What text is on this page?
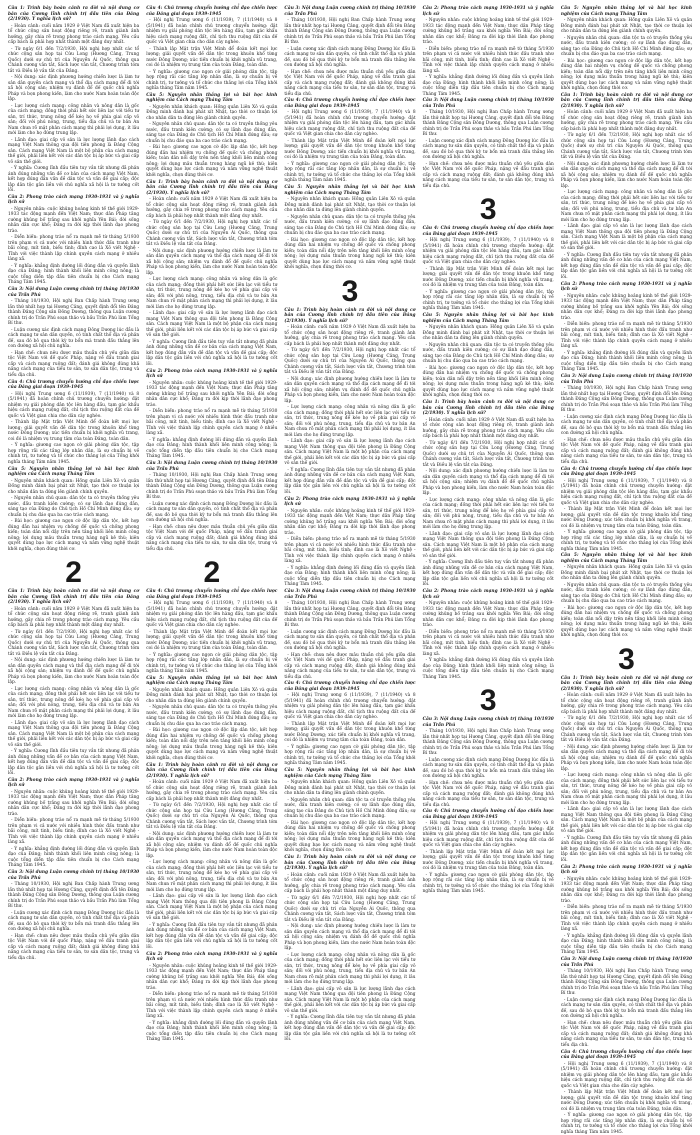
Câu 1: Trình bày hoàn cảnh ra đời và nội dung cơ bản của Cương lĩnh chính trị đầu tiên của Đảng (2/1930). Ý nghĩa lịch sử?
- Hoàn cảnh: cuối năm 1929 ở Việt Nam đã xuất hiện ba tổ chức cộng sản hoạt động riêng rẽ, tranh giành ảnh hưởng, gây chia rẽ trong phong trào cách mạng. Yêu cầu cấp bách là phải hợp nhất thành một đảng duy nhất.
- Từ ngày 6/1 đến 7/2/1930, Hội nghị hợp nhất các tổ chức cộng sản họp tại Cửu Long (Hương Cảng, Trung Quốc) dưới sự chủ trì của Nguyễn Ái Quốc, thông qua Chánh cương vắn tắt, Sách lược vắn tắt, Chương trình tóm tắt và Điều lệ vắn tắt của Đảng.
- Nội dung: xác định phương hướng chiến lược là làm tư sản dân quyền cách mạng và thổ địa cách mạng để đi tới xã hội cộng sản; nhiệm vụ đánh đổ đế quốc chủ nghĩa Pháp và bọn phong kiến, làm cho nước Nam hoàn toàn độc lập.
- Lực lượng cách mạng: công nhân và nông dân là gốc của cách mạng; đồng thời phải hết sức liên lạc với tiểu tư sản, trí thức, trung nông để kéo họ về phía giai cấp vô sản; đối với phú nông, trung, tiểu địa chủ và tư bản An Nam chưa rõ mặt phản cách mạng thì phải lợi dụng, ít lâu mới làm cho họ đứng trung lập.
- Lãnh đạo: giai cấp vô sản là lực lượng lãnh đạo cách mạng Việt Nam thông qua đội tiên phong là Đảng Cộng sản. Cách mạng Việt Nam là một bộ phận của cách mạng thế giới, phải liên kết với các dân tộc bị áp bức và giai cấp vô sản thế giới.
- Ý nghĩa: Cương lĩnh đầu tiên tuy vắn tắt nhưng đã phản ánh đúng những vấn đề cơ bản của cách mạng Việt Nam, kết hợp đúng đắn vấn đề dân tộc và vấn đề giai cấp; độc lập dân tộc gắn liền với chủ nghĩa xã hội là tư tưởng cốt lõi.
Câu 2: Phong trào cách mạng 1930-1931 và ý nghĩa lịch sử
- Nguyên nhân: cuộc khủng hoảng kinh tế thế giới 1929-1933 tác động mạnh đến Việt Nam; thực dân Pháp tăng cường khủng bố trắng sau khởi nghĩa Yên Bái; đời sống nhân dân cực khổ; Đảng ra đời kịp thời lãnh đạo phong trào.
- Diễn biến: phong trào nổ ra mạnh mẽ từ tháng 5/1930 trên phạm vi cả nước với nhiều hình thức đấu tranh như bãi công, mít tinh, biểu tình; đỉnh cao là Xô viết Nghệ - Tĩnh với việc thành lập chính quyền cách mạng ở nhiều làng xã.
- Ý nghĩa: khẳng định đường lối đúng đắn và quyền lãnh đạo của Đảng; hình thành khối liên minh công nông; là cuộc tổng diễn tập đầu tiên chuẩn bị cho Cách mạng Tháng Tám 1945.
Câu 3: Nội dung Luận cương chính trị tháng 10/1930 của Trần Phú
- Tháng 10/1930, Hội nghị Ban Chấp hành Trung ương lần thứ nhất họp tại Hương Cảng, quyết định đổi tên Đảng thành Đảng Cộng sản Đông Dương, thông qua Luận cương chính trị do Trần Phú soạn thảo và bầu Trần Phú làm Tổng Bí thư.
- Luận cương xác định cách mạng Đông Dương lúc đầu là cách mạng tư sản dân quyền, có tính chất thổ địa và phản đế, sau đó bỏ qua thời kỳ tư bổn mà tranh đấu thẳng lên con đường xã hội chủ nghĩa.
- Hạn chế: chưa nêu được mâu thuẫn chủ yếu giữa dân tộc Việt Nam với đế quốc Pháp, nặng về đấu tranh giai cấp và cách mạng ruộng đất; đánh giá không đúng khả năng cách mạng của tiểu tư sản, tư sản dân tộc, trung và tiểu địa chủ.
Câu 4: Chủ trương chuyển hướng chỉ đạo chiến lược của Đảng giai đoạn 1939-1945
- Hội nghị Trung ương 6 (11/1939), 7 (11/1940) và 8 (5/1941) đã hoàn chỉnh chủ trương chuyển hướng: đặt nhiệm vụ giải phóng dân tộc lên hàng đầu, tạm gác khẩu hiệu cách mạng ruộng đất, chỉ tịch thu ruộng đất của đế quốc và Việt gian chia cho dân cày nghèo.
- Thành lập Mặt trận Việt Minh để đoàn kết mọi lực lượng; giải quyết vấn đề dân tộc trong khuôn khổ từng nước Đông Dương; xúc tiến chuẩn bị khởi nghĩa vũ trang, coi đó là nhiệm vụ trung tâm của toàn Đảng, toàn dân.
- Ý nghĩa: giương cao ngọn cờ giải phóng dân tộc, tập hợp rộng rãi các tầng lớp nhân dân, là sự chuẩn bị về chính trị, tư tưởng và tổ chức cho thắng lợi của Tổng khởi nghĩa tháng Tám năm 1945.
Câu 5: Nguyên nhân thắng lợi và bài học kinh nghiệm của Cách mạng Tháng Tám
- Nguyên nhân khách quan: Hồng quân Liên Xô và quân Đồng minh đánh bại phát xít Nhật, tạo thời cơ thuận lợi cho nhân dân ta đứng lên giành chính quyền.
- Nguyên nhân chủ quan: dân tộc ta có truyền thống yêu nước, đấu tranh kiên cường; có sự lãnh đạo đúng đắn, sáng tạo của Đảng do Chủ tịch Hồ Chí Minh đứng đầu; sự chuẩn bị chu đáo qua ba cao trào cách mạng.
- Bài học: giương cao ngọn cờ độc lập dân tộc, kết hợp đúng đắn hai nhiệm vụ chống đế quốc và chống phong kiến; toàn dân nổi dậy trên nền tảng khối liên minh công nông; lợi dụng mâu thuẫn trong hàng ngũ kẻ thù; kiên quyết dùng bạo lực cách mạng và nắm vững nghệ thuật khởi nghĩa, chọn đúng thời cơ.
2
Câu 1: Trình bày hoàn cảnh ra đời và nội dung cơ bản của Cương lĩnh chính trị đầu tiên của Đảng (2/1930). Ý nghĩa lịch sử?
- Hoàn cảnh: cuối năm 1929 ở Việt Nam đã xuất hiện ba tổ chức cộng sản hoạt động riêng rẽ, tranh giành ảnh hưởng, gây chia rẽ trong phong trào cách mạng. Yêu cầu cấp bách là phải hợp nhất thành một đảng duy nhất.
- Từ ngày 6/1 đến 7/2/1930, Hội nghị hợp nhất các tổ chức cộng sản họp tại Cửu Long (Hương Cảng, Trung Quốc) dưới sự chủ trì của Nguyễn Ái Quốc, thông qua Chánh cương vắn tắt, Sách lược vắn tắt, Chương trình tóm tắt và Điều lệ vắn tắt của Đảng.
- Nội dung: xác định phương hướng chiến lược là làm tư sản dân quyền cách mạng và thổ địa cách mạng để đi tới xã hội cộng sản; nhiệm vụ đánh đổ đế quốc chủ nghĩa Pháp và bọn phong kiến, làm cho nước Nam hoàn toàn độc lập.
- Lực lượng cách mạng: công nhân và nông dân là gốc của cách mạng; đồng thời phải hết sức liên lạc với tiểu tư sản, trí thức, trung nông để kéo họ về phía giai cấp vô sản; đối với phú nông, trung, tiểu địa chủ và tư bản An Nam chưa rõ mặt phản cách mạng thì phải lợi dụng, ít lâu mới làm cho họ đứng trung lập.
- Lãnh đạo: giai cấp vô sản là lực lượng lãnh đạo cách mạng Việt Nam thông qua đội tiên phong là Đảng Cộng sản. Cách mạng Việt Nam là một bộ phận của cách mạng thế giới, phải liên kết với các dân tộc bị áp bức và giai cấp vô sản thế giới.
- Ý nghĩa: Cương lĩnh đầu tiên tuy vắn tắt nhưng đã phản ánh đúng những vấn đề cơ bản của cách mạng Việt Nam, kết hợp đúng đắn vấn đề dân tộc và vấn đề giai cấp; độc lập dân tộc gắn liền với chủ nghĩa xã hội là tư tưởng cốt lõi.
Câu 2: Phong trào cách mạng 1930-1931 và ý nghĩa lịch sử
- Nguyên nhân: cuộc khủng hoảng kinh tế thế giới 1929-1933 tác động mạnh đến Việt Nam; thực dân Pháp tăng cường khủng bố trắng sau khởi nghĩa Yên Bái; đời sống nhân dân cực khổ; Đảng ra đời kịp thời lãnh đạo phong trào.
- Diễn biến: phong trào nổ ra mạnh mẽ từ tháng 5/1930 trên phạm vi cả nước với nhiều hình thức đấu tranh như bãi công, mít tinh, biểu tình; đỉnh cao là Xô viết Nghệ - Tĩnh với việc thành lập chính quyền cách mạng ở nhiều làng xã.
- Ý nghĩa: khẳng định đường lối đúng đắn và quyền lãnh đạo của Đảng; hình thành khối liên minh công nông; là cuộc tổng diễn tập đầu tiên chuẩn bị cho Cách mạng Tháng Tám 1945.
Câu 3: Nội dung Luận cương chính trị tháng 10/1930 của Trần Phú
- Tháng 10/1930, Hội nghị Ban Chấp hành Trung ương lần thứ nhất họp tại Hương Cảng, quyết định đổi tên Đảng thành Đảng Cộng sản Đông Dương, thông qua Luận cương chính trị do Trần Phú soạn thảo và bầu Trần Phú làm Tổng Bí thư.
- Luận cương xác định cách mạng Đông Dương lúc đầu là cách mạng tư sản dân quyền, có tính chất thổ địa và phản đế, sau đó bỏ qua thời kỳ tư bổn mà tranh đấu thẳng lên con đường xã hội chủ nghĩa.
- Hạn chế: chưa nêu được mâu thuẫn chủ yếu giữa dân tộc Việt Nam với đế quốc Pháp, nặng về đấu tranh giai cấp và cách mạng ruộng đất; đánh giá không đúng khả năng cách mạng của tiểu tư sản, tư sản dân tộc, trung và tiểu địa chủ.
Câu 4: Chủ trương chuyển hướng chỉ đạo chiến lược của Đảng giai đoạn 1939-1945
- Hội nghị Trung ương 6 (11/1939), 7 (11/1940) và 8 (5/1941) đã hoàn chỉnh chủ trương chuyển hướng: đặt nhiệm vụ giải phóng dân tộc lên hàng đầu, tạm gác khẩu hiệu cách mạng ruộng đất, chỉ tịch thu ruộng đất của đế quốc và Việt gian chia cho dân cày nghèo.
- Thành lập Mặt trận Việt Minh để đoàn kết mọi lực lượng; giải quyết vấn đề dân tộc trong khuôn khổ từng nước Đông Dương; xúc tiến chuẩn bị khởi nghĩa vũ trang, coi đó là nhiệm vụ trung tâm của toàn Đảng, toàn dân.
- Ý nghĩa: giương cao ngọn cờ giải phóng dân tộc, tập hợp rộng rãi các tầng lớp nhân dân, là sự chuẩn bị về chính trị, tư tưởng và tổ chức cho thắng lợi của Tổng khởi nghĩa tháng Tám năm 1945.
Câu 5: Nguyên nhân thắng lợi và bài học kinh nghiệm của Cách mạng Tháng Tám
- Nguyên nhân khách quan: Hồng quân Liên Xô và quân Đồng minh đánh bại phát xít Nhật, tạo thời cơ thuận lợi cho nhân dân ta đứng lên giành chính quyền.
- Nguyên nhân chủ quan: dân tộc ta có truyền thống yêu nước, đấu tranh kiên cường; có sự lãnh đạo đúng đắn, sáng tạo của Đảng do Chủ tịch Hồ Chí Minh đứng đầu; sự chuẩn bị chu đáo qua ba cao trào cách mạng.
- Bài học: giương cao ngọn cờ độc lập dân tộc, kết hợp đúng đắn hai nhiệm vụ chống đế quốc và chống phong kiến; toàn dân nổi dậy trên nền tảng khối liên minh công nông; lợi dụng mâu thuẫn trong hàng ngũ kẻ thù; kiên quyết dùng bạo lực cách mạng và nắm vững nghệ thuật khởi nghĩa, chọn đúng thời cơ.
Câu 1: Trình bày hoàn cảnh ra đời và nội dung cơ bản của Cương lĩnh chính trị đầu tiên của Đảng (2/1930). Ý nghĩa lịch sử?
- Hoàn cảnh: cuối năm 1929 ở Việt Nam đã xuất hiện ba tổ chức cộng sản hoạt động riêng rẽ, tranh giành ảnh hưởng, gây chia rẽ trong phong trào cách mạng. Yêu cầu cấp bách là phải hợp nhất thành một đảng duy nhất.
- Từ ngày 6/1 đến 7/2/1930, Hội nghị hợp nhất các tổ chức cộng sản họp tại Cửu Long (Hương Cảng, Trung Quốc) dưới sự chủ trì của Nguyễn Ái Quốc, thông qua Chánh cương vắn tắt, Sách lược vắn tắt, Chương trình tóm tắt và Điều lệ vắn tắt của Đảng.
- Nội dung: xác định phương hướng chiến lược là làm tư sản dân quyền cách mạng và thổ địa cách mạng để đi tới xã hội cộng sản; nhiệm vụ đánh đổ đế quốc chủ nghĩa Pháp và bọn phong kiến, làm cho nước Nam hoàn toàn độc lập.
- Lực lượng cách mạng: công nhân và nông dân là gốc của cách mạng; đồng thời phải hết sức liên lạc với tiểu tư sản, trí thức, trung nông để kéo họ về phía giai cấp vô sản; đối với phú nông, trung, tiểu địa chủ và tư bản An Nam chưa rõ mặt phản cách mạng thì phải lợi dụng, ít lâu mới làm cho họ đứng trung lập.
- Lãnh đạo: giai cấp vô sản là lực lượng lãnh đạo cách mạng Việt Nam thông qua đội tiên phong là Đảng Cộng sản. Cách mạng Việt Nam là một bộ phận của cách mạng thế giới, phải liên kết với các dân tộc bị áp bức và giai cấp vô sản thế giới.
- Ý nghĩa: Cương lĩnh đầu tiên tuy vắn tắt nhưng đã phản ánh đúng những vấn đề cơ bản của cách mạng Việt Nam, kết hợp đúng đắn vấn đề dân tộc và vấn đề giai cấp; độc lập dân tộc gắn liền với chủ nghĩa xã hội là tư tưởng cốt lõi.
Câu 2: Phong trào cách mạng 1930-1931 và ý nghĩa lịch sử
- Nguyên nhân: cuộc khủng hoảng kinh tế thế giới 1929-1933 tác động mạnh đến Việt Nam; thực dân Pháp tăng cường khủng bố trắng sau khởi nghĩa Yên Bái; đời sống nhân dân cực khổ; Đảng ra đời kịp thời lãnh đạo phong trào.
- Diễn biến: phong trào nổ ra mạnh mẽ từ tháng 5/1930 trên phạm vi cả nước với nhiều hình thức đấu tranh như bãi công, mít tinh, biểu tình; đỉnh cao là Xô viết Nghệ - Tĩnh với việc thành lập chính quyền cách mạng ở nhiều làng xã.
- Ý nghĩa: khẳng định đường lối đúng đắn và quyền lãnh đạo của Đảng; hình thành khối liên minh công nông; là cuộc tổng diễn tập đầu tiên chuẩn bị cho Cách mạng Tháng Tám 1945.
Câu 3: Nội dung Luận cương chính trị tháng 10/1930 của Trần Phú
- Tháng 10/1930, Hội nghị Ban Chấp hành Trung ương lần thứ nhất họp tại Hương Cảng, quyết định đổi tên Đảng thành Đảng Cộng sản Đông Dương, thông qua Luận cương chính trị do Trần Phú soạn thảo và bầu Trần Phú làm Tổng Bí thư.
- Luận cương xác định cách mạng Đông Dương lúc đầu là cách mạng tư sản dân quyền, có tính chất thổ địa và phản đế, sau đó bỏ qua thời kỳ tư bổn mà tranh đấu thẳng lên con đường xã hội chủ nghĩa.
- Hạn chế: chưa nêu được mâu thuẫn chủ yếu giữa dân tộc Việt Nam với đế quốc Pháp, nặng về đấu tranh giai cấp và cách mạng ruộng đất; đánh giá không đúng khả năng cách mạng của tiểu tư sản, tư sản dân tộc, trung và tiểu địa chủ.
2
Câu 4: Chủ trương chuyển hướng chỉ đạo chiến lược của Đảng giai đoạn 1939-1945
- Hội nghị Trung ương 6 (11/1939), 7 (11/1940) và 8 (5/1941) đã hoàn chỉnh chủ trương chuyển hướng: đặt nhiệm vụ giải phóng dân tộc lên hàng đầu, tạm gác khẩu hiệu cách mạng ruộng đất, chỉ tịch thu ruộng đất của đế quốc và Việt gian chia cho dân cày nghèo.
- Thành lập Mặt trận Việt Minh để đoàn kết mọi lực lượng; giải quyết vấn đề dân tộc trong khuôn khổ từng nước Đông Dương; xúc tiến chuẩn bị khởi nghĩa vũ trang, coi đó là nhiệm vụ trung tâm của toàn Đảng, toàn dân.
- Ý nghĩa: giương cao ngọn cờ giải phóng dân tộc, tập hợp rộng rãi các tầng lớp nhân dân, là sự chuẩn bị về chính trị, tư tưởng và tổ chức cho thắng lợi của Tổng khởi nghĩa tháng Tám năm 1945.
Câu 5: Nguyên nhân thắng lợi và bài học kinh nghiệm của Cách mạng Tháng Tám
- Nguyên nhân khách quan: Hồng quân Liên Xô và quân Đồng minh đánh bại phát xít Nhật, tạo thời cơ thuận lợi cho nhân dân ta đứng lên giành chính quyền.
- Nguyên nhân chủ quan: dân tộc ta có truyền thống yêu nước, đấu tranh kiên cường; có sự lãnh đạo đúng đắn, sáng tạo của Đảng do Chủ tịch Hồ Chí Minh đứng đầu; sự chuẩn bị chu đáo qua ba cao trào cách mạng.
- Bài học: giương cao ngọn cờ độc lập dân tộc, kết hợp đúng đắn hai nhiệm vụ chống đế quốc và chống phong kiến; toàn dân nổi dậy trên nền tảng khối liên minh công nông; lợi dụng mâu thuẫn trong hàng ngũ kẻ thù; kiên quyết dùng bạo lực cách mạng và nắm vững nghệ thuật khởi nghĩa, chọn đúng thời cơ.
Câu 1: Trình bày hoàn cảnh ra đời và nội dung cơ bản của Cương lĩnh chính trị đầu tiên của Đảng (2/1930). Ý nghĩa lịch sử?
- Hoàn cảnh: cuối năm 1929 ở Việt Nam đã xuất hiện ba tổ chức cộng sản hoạt động riêng rẽ, tranh giành ảnh hưởng, gây chia rẽ trong phong trào cách mạng. Yêu cầu cấp bách là phải hợp nhất thành một đảng duy nhất.
- Từ ngày 6/1 đến 7/2/1930, Hội nghị hợp nhất các tổ chức cộng sản họp tại Cửu Long (Hương Cảng, Trung Quốc) dưới sự chủ trì của Nguyễn Ái Quốc, thông qua Chánh cương vắn tắt, Sách lược vắn tắt, Chương trình tóm tắt và Điều lệ vắn tắt của Đảng.
- Nội dung: xác định phương hướng chiến lược là làm tư sản dân quyền cách mạng và thổ địa cách mạng để đi tới xã hội cộng sản; nhiệm vụ đánh đổ đế quốc chủ nghĩa Pháp và bọn phong kiến, làm cho nước Nam hoàn toàn độc lập.
- Lực lượng cách mạng: công nhân và nông dân là gốc của cách mạng; đồng thời phải hết sức liên lạc với tiểu tư sản, trí thức, trung nông để kéo họ về phía giai cấp vô sản; đối với phú nông, trung, tiểu địa chủ và tư bản An Nam chưa rõ mặt phản cách mạng thì phải lợi dụng, ít lâu mới làm cho họ đứng trung lập.
- Lãnh đạo: giai cấp vô sản là lực lượng lãnh đạo cách mạng Việt Nam thông qua đội tiên phong là Đảng Cộng sản. Cách mạng Việt Nam là một bộ phận của cách mạng thế giới, phải liên kết với các dân tộc bị áp bức và giai cấp vô sản thế giới.
- Ý nghĩa: Cương lĩnh đầu tiên tuy vắn tắt nhưng đã phản ánh đúng những vấn đề cơ bản của cách mạng Việt Nam, kết hợp đúng đắn vấn đề dân tộc và vấn đề giai cấp; độc lập dân tộc gắn liền với chủ nghĩa xã hội là tư tưởng cốt lõi.
Câu 2: Phong trào cách mạng 1930-1931 và ý nghĩa lịch sử
- Nguyên nhân: cuộc khủng hoảng kinh tế thế giới 1929-1933 tác động mạnh đến Việt Nam; thực dân Pháp tăng cường khủng bố trắng sau khởi nghĩa Yên Bái; đời sống nhân dân cực khổ; Đảng ra đời kịp thời lãnh đạo phong trào.
- Diễn biến: phong trào nổ ra mạnh mẽ từ tháng 5/1930 trên phạm vi cả nước với nhiều hình thức đấu tranh như bãi công, mít tinh, biểu tình; đỉnh cao là Xô viết Nghệ - Tĩnh với việc thành lập chính quyền cách mạng ở nhiều làng xã.
- Ý nghĩa: khẳng định đường lối đúng đắn và quyền lãnh đạo của Đảng; hình thành khối liên minh công nông; là cuộc tổng diễn tập đầu tiên chuẩn bị cho Cách mạng Tháng Tám 1945.
Câu 3: Nội dung Luận cương chính trị tháng 10/1930 của Trần Phú
- Tháng 10/1930, Hội nghị Ban Chấp hành Trung ương lần thứ nhất họp tại Hương Cảng, quyết định đổi tên Đảng thành Đảng Cộng sản Đông Dương, thông qua Luận cương chính trị do Trần Phú soạn thảo và bầu Trần Phú làm Tổng Bí thư.
- Luận cương xác định cách mạng Đông Dương lúc đầu là cách mạng tư sản dân quyền, có tính chất thổ địa và phản đế, sau đó bỏ qua thời kỳ tư bổn mà tranh đấu thẳng lên con đường xã hội chủ nghĩa.
- Hạn chế: chưa nêu được mâu thuẫn chủ yếu giữa dân tộc Việt Nam với đế quốc Pháp, nặng về đấu tranh giai cấp và cách mạng ruộng đất; đánh giá không đúng khả năng cách mạng của tiểu tư sản, tư sản dân tộc, trung và tiểu địa chủ.
Câu 4: Chủ trương chuyển hướng chỉ đạo chiến lược của Đảng giai đoạn 1939-1945
- Hội nghị Trung ương 6 (11/1939), 7 (11/1940) và 8 (5/1941) đã hoàn chỉnh chủ trương chuyển hướng: đặt nhiệm vụ giải phóng dân tộc lên hàng đầu, tạm gác khẩu hiệu cách mạng ruộng đất, chỉ tịch thu ruộng đất của đế quốc và Việt gian chia cho dân cày nghèo.
- Thành lập Mặt trận Việt Minh để đoàn kết mọi lực lượng; giải quyết vấn đề dân tộc trong khuôn khổ từng nước Đông Dương; xúc tiến chuẩn bị khởi nghĩa vũ trang, coi đó là nhiệm vụ trung tâm của toàn Đảng, toàn dân.
- Ý nghĩa: giương cao ngọn cờ giải phóng dân tộc, tập hợp rộng rãi các tầng lớp nhân dân, là sự chuẩn bị về chính trị, tư tưởng và tổ chức cho thắng lợi của Tổng khởi nghĩa tháng Tám năm 1945.
Câu 5: Nguyên nhân thắng lợi và bài học kinh nghiệm của Cách mạng Tháng Tám
- Nguyên nhân khách quan: Hồng quân Liên Xô và quân Đồng minh đánh bại phát xít Nhật, tạo thời cơ thuận lợi cho nhân dân ta đứng lên giành chính quyền.
- Nguyên nhân chủ quan: dân tộc ta có truyền thống yêu nước, đấu tranh kiên cường; có sự lãnh đạo đúng đắn, sáng tạo của Đảng do Chủ tịch Hồ Chí Minh đứng đầu; sự chuẩn bị chu đáo qua ba cao trào cách mạng.
- Bài học: giương cao ngọn cờ độc lập dân tộc, kết hợp đúng đắn hai nhiệm vụ chống đế quốc và chống phong kiến; toàn dân nổi dậy trên nền tảng khối liên minh công nông; lợi dụng mâu thuẫn trong hàng ngũ kẻ thù; kiên quyết dùng bạo lực cách mạng và nắm vững nghệ thuật khởi nghĩa, chọn đúng thời cơ.
3
Câu 1: Trình bày hoàn cảnh ra đời và nội dung cơ bản của Cương lĩnh chính trị đầu tiên của Đảng (2/1930). Ý nghĩa lịch sử?
- Hoàn cảnh: cuối năm 1929 ở Việt Nam đã xuất hiện ba tổ chức cộng sản hoạt động riêng rẽ, tranh giành ảnh hưởng, gây chia rẽ trong phong trào cách mạng. Yêu cầu cấp bách là phải hợp nhất thành một đảng duy nhất.
- Từ ngày 6/1 đến 7/2/1930, Hội nghị hợp nhất các tổ chức cộng sản họp tại Cửu Long (Hương Cảng, Trung Quốc) dưới sự chủ trì của Nguyễn Ái Quốc, thông qua Chánh cương vắn tắt, Sách lược vắn tắt, Chương trình tóm tắt và Điều lệ vắn tắt của Đảng.
- Nội dung: xác định phương hướng chiến lược là làm tư sản dân quyền cách mạng và thổ địa cách mạng để đi tới xã hội cộng sản; nhiệm vụ đánh đổ đế quốc chủ nghĩa Pháp và bọn phong kiến, làm cho nước Nam hoàn toàn độc lập.
- Lực lượng cách mạng: công nhân và nông dân là gốc của cách mạng; đồng thời phải hết sức liên lạc với tiểu tư sản, trí thức, trung nông để kéo họ về phía giai cấp vô sản; đối với phú nông, trung, tiểu địa chủ và tư bản An Nam chưa rõ mặt phản cách mạng thì phải lợi dụng, ít lâu mới làm cho họ đứng trung lập.
- Lãnh đạo: giai cấp vô sản là lực lượng lãnh đạo cách mạng Việt Nam thông qua đội tiên phong là Đảng Cộng sản. Cách mạng Việt Nam là một bộ phận của cách mạng thế giới, phải liên kết với các dân tộc bị áp bức và giai cấp vô sản thế giới.
- Ý nghĩa: Cương lĩnh đầu tiên tuy vắn tắt nhưng đã phản ánh đúng những vấn đề cơ bản của cách mạng Việt Nam, kết hợp đúng đắn vấn đề dân tộc và vấn đề giai cấp; độc lập dân tộc gắn liền với chủ nghĩa xã hội là tư tưởng cốt lõi.
Câu 2: Phong trào cách mạng 1930-1931 và ý nghĩa lịch sử
- Nguyên nhân: cuộc khủng hoảng kinh tế thế giới 1929-1933 tác động mạnh đến Việt Nam; thực dân Pháp tăng cường khủng bố trắng sau khởi nghĩa Yên Bái; đời sống nhân dân cực khổ; Đảng ra đời kịp thời lãnh đạo phong trào.
- Diễn biến: phong trào nổ ra mạnh mẽ từ tháng 5/1930 trên phạm vi cả nước với nhiều hình thức đấu tranh như bãi công, mít tinh, biểu tình; đỉnh cao là Xô viết Nghệ - Tĩnh với việc thành lập chính quyền cách mạng ở nhiều làng xã.
- Ý nghĩa: khẳng định đường lối đúng đắn và quyền lãnh đạo của Đảng; hình thành khối liên minh công nông; là cuộc tổng diễn tập đầu tiên chuẩn bị cho Cách mạng Tháng Tám 1945.
Câu 3: Nội dung Luận cương chính trị tháng 10/1930 của Trần Phú
- Tháng 10/1930, Hội nghị Ban Chấp hành Trung ương lần thứ nhất họp tại Hương Cảng, quyết định đổi tên Đảng thành Đảng Cộng sản Đông Dương, thông qua Luận cương chính trị do Trần Phú soạn thảo và bầu Trần Phú làm Tổng Bí thư.
- Luận cương xác định cách mạng Đông Dương lúc đầu là cách mạng tư sản dân quyền, có tính chất thổ địa và phản đế, sau đó bỏ qua thời kỳ tư bổn mà tranh đấu thẳng lên con đường xã hội chủ nghĩa.
- Hạn chế: chưa nêu được mâu thuẫn chủ yếu giữa dân tộc Việt Nam với đế quốc Pháp, nặng về đấu tranh giai cấp và cách mạng ruộng đất; đánh giá không đúng khả năng cách mạng của tiểu tư sản, tư sản dân tộc, trung và tiểu địa chủ.
Câu 4: Chủ trương chuyển hướng chỉ đạo chiến lược của Đảng giai đoạn 1939-1945
- Hội nghị Trung ương 6 (11/1939), 7 (11/1940) và 8 (5/1941) đã hoàn chỉnh chủ trương chuyển hướng: đặt nhiệm vụ giải phóng dân tộc lên hàng đầu, tạm gác khẩu hiệu cách mạng ruộng đất, chỉ tịch thu ruộng đất của đế quốc và Việt gian chia cho dân cày nghèo.
- Thành lập Mặt trận Việt Minh để đoàn kết mọi lực lượng; giải quyết vấn đề dân tộc trong khuôn khổ từng nước Đông Dương; xúc tiến chuẩn bị khởi nghĩa vũ trang, coi đó là nhiệm vụ trung tâm của toàn Đảng, toàn dân.
- Ý nghĩa: giương cao ngọn cờ giải phóng dân tộc, tập hợp rộng rãi các tầng lớp nhân dân, là sự chuẩn bị về chính trị, tư tưởng và tổ chức cho thắng lợi của Tổng khởi nghĩa tháng Tám năm 1945.
Câu 5: Nguyên nhân thắng lợi và bài học kinh nghiệm của Cách mạng Tháng Tám
- Nguyên nhân khách quan: Hồng quân Liên Xô và quân Đồng minh đánh bại phát xít Nhật, tạo thời cơ thuận lợi cho nhân dân ta đứng lên giành chính quyền.
- Nguyên nhân chủ quan: dân tộc ta có truyền thống yêu nước, đấu tranh kiên cường; có sự lãnh đạo đúng đắn, sáng tạo của Đảng do Chủ tịch Hồ Chí Minh đứng đầu; sự chuẩn bị chu đáo qua ba cao trào cách mạng.
- Bài học: giương cao ngọn cờ độc lập dân tộc, kết hợp đúng đắn hai nhiệm vụ chống đế quốc và chống phong kiến; toàn dân nổi dậy trên nền tảng khối liên minh công nông; lợi dụng mâu thuẫn trong hàng ngũ kẻ thù; kiên quyết dùng bạo lực cách mạng và nắm vững nghệ thuật khởi nghĩa, chọn đúng thời cơ.
Câu 1: Trình bày hoàn cảnh ra đời và nội dung cơ bản của Cương lĩnh chính trị đầu tiên của Đảng (2/1930). Ý nghĩa lịch sử?
- Hoàn cảnh: cuối năm 1929 ở Việt Nam đã xuất hiện ba tổ chức cộng sản hoạt động riêng rẽ, tranh giành ảnh hưởng, gây chia rẽ trong phong trào cách mạng. Yêu cầu cấp bách là phải hợp nhất thành một đảng duy nhất.
- Từ ngày 6/1 đến 7/2/1930, Hội nghị hợp nhất các tổ chức cộng sản họp tại Cửu Long (Hương Cảng, Trung Quốc) dưới sự chủ trì của Nguyễn Ái Quốc, thông qua Chánh cương vắn tắt, Sách lược vắn tắt, Chương trình tóm tắt và Điều lệ vắn tắt của Đảng.
- Nội dung: xác định phương hướng chiến lược là làm tư sản dân quyền cách mạng và thổ địa cách mạng để đi tới xã hội cộng sản; nhiệm vụ đánh đổ đế quốc chủ nghĩa Pháp và bọn phong kiến, làm cho nước Nam hoàn toàn độc lập.
- Lực lượng cách mạng: công nhân và nông dân là gốc của cách mạng; đồng thời phải hết sức liên lạc với tiểu tư sản, trí thức, trung nông để kéo họ về phía giai cấp vô sản; đối với phú nông, trung, tiểu địa chủ và tư bản An Nam chưa rõ mặt phản cách mạng thì phải lợi dụng, ít lâu mới làm cho họ đứng trung lập.
- Lãnh đạo: giai cấp vô sản là lực lượng lãnh đạo cách mạng Việt Nam thông qua đội tiên phong là Đảng Cộng sản. Cách mạng Việt Nam là một bộ phận của cách mạng thế giới, phải liên kết với các dân tộc bị áp bức và giai cấp vô sản thế giới.
- Ý nghĩa: Cương lĩnh đầu tiên tuy vắn tắt nhưng đã phản ánh đúng những vấn đề cơ bản của cách mạng Việt Nam, kết hợp đúng đắn vấn đề dân tộc và vấn đề giai cấp; độc lập dân tộc gắn liền với chủ nghĩa xã hội là tư tưởng cốt lõi.
Câu 2: Phong trào cách mạng 1930-1931 và ý nghĩa lịch sử
- Nguyên nhân: cuộc khủng hoảng kinh tế thế giới 1929-1933 tác động mạnh đến Việt Nam; thực dân Pháp tăng cường khủng bố trắng sau khởi nghĩa Yên Bái; đời sống nhân dân cực khổ; Đảng ra đời kịp thời lãnh đạo phong trào.
- Diễn biến: phong trào nổ ra mạnh mẽ từ tháng 5/1930 trên phạm vi cả nước với nhiều hình thức đấu tranh như bãi công, mít tinh, biểu tình; đỉnh cao là Xô viết Nghệ - Tĩnh với việc thành lập chính quyền cách mạng ở nhiều làng xã.
- Ý nghĩa: khẳng định đường lối đúng đắn và quyền lãnh đạo của Đảng; hình thành khối liên minh công nông; là cuộc tổng diễn tập đầu tiên chuẩn bị cho Cách mạng Tháng Tám 1945.
Câu 3: Nội dung Luận cương chính trị tháng 10/1930 của Trần Phú
- Tháng 10/1930, Hội nghị Ban Chấp hành Trung ương lần thứ nhất họp tại Hương Cảng, quyết định đổi tên Đảng thành Đảng Cộng sản Đông Dương, thông qua Luận cương chính trị do Trần Phú soạn thảo và bầu Trần Phú làm Tổng Bí thư.
- Luận cương xác định cách mạng Đông Dương lúc đầu là cách mạng tư sản dân quyền, có tính chất thổ địa và phản đế, sau đó bỏ qua thời kỳ tư bổn mà tranh đấu thẳng lên con đường xã hội chủ nghĩa.
- Hạn chế: chưa nêu được mâu thuẫn chủ yếu giữa dân tộc Việt Nam với đế quốc Pháp, nặng về đấu tranh giai cấp và cách mạng ruộng đất; đánh giá không đúng khả năng cách mạng của tiểu tư sản, tư sản dân tộc, trung và tiểu địa chủ.
3
Câu 4: Chủ trương chuyển hướng chỉ đạo chiến lược của Đảng giai đoạn 1939-1945
- Hội nghị Trung ương 6 (11/1939), 7 (11/1940) và 8 (5/1941) đã hoàn chỉnh chủ trương chuyển hướng: đặt nhiệm vụ giải phóng dân tộc lên hàng đầu, tạm gác khẩu hiệu cách mạng ruộng đất, chỉ tịch thu ruộng đất của đế quốc và Việt gian chia cho dân cày nghèo.
- Thành lập Mặt trận Việt Minh để đoàn kết mọi lực lượng; giải quyết vấn đề dân tộc trong khuôn khổ từng nước Đông Dương; xúc tiến chuẩn bị khởi nghĩa vũ trang, coi đó là nhiệm vụ trung tâm của toàn Đảng, toàn dân.
- Ý nghĩa: giương cao ngọn cờ giải phóng dân tộc, tập hợp rộng rãi các tầng lớp nhân dân, là sự chuẩn bị về chính trị, tư tưởng và tổ chức cho thắng lợi của Tổng khởi nghĩa tháng Tám năm 1945.
Câu 5: Nguyên nhân thắng lợi và bài học kinh nghiệm của Cách mạng Tháng Tám
- Nguyên nhân khách quan: Hồng quân Liên Xô và quân Đồng minh đánh bại phát xít Nhật, tạo thời cơ thuận lợi cho nhân dân ta đứng lên giành chính quyền.
- Nguyên nhân chủ quan: dân tộc ta có truyền thống yêu nước, đấu tranh kiên cường; có sự lãnh đạo đúng đắn, sáng tạo của Đảng do Chủ tịch Hồ Chí Minh đứng đầu; sự chuẩn bị chu đáo qua ba cao trào cách mạng.
- Bài học: giương cao ngọn cờ độc lập dân tộc, kết hợp đúng đắn hai nhiệm vụ chống đế quốc và chống phong kiến; toàn dân nổi dậy trên nền tảng khối liên minh công nông; lợi dụng mâu thuẫn trong hàng ngũ kẻ thù; kiên quyết dùng bạo lực cách mạng và nắm vững nghệ thuật khởi nghĩa, chọn đúng thời cơ.
Câu 1: Trình bày hoàn cảnh ra đời và nội dung cơ bản của Cương lĩnh chính trị đầu tiên của Đảng (2/1930). Ý nghĩa lịch sử?
- Hoàn cảnh: cuối năm 1929 ở Việt Nam đã xuất hiện ba tổ chức cộng sản hoạt động riêng rẽ, tranh giành ảnh hưởng, gây chia rẽ trong phong trào cách mạng. Yêu cầu cấp bách là phải hợp nhất thành một đảng duy nhất.
- Từ ngày 6/1 đến 7/2/1930, Hội nghị hợp nhất các tổ chức cộng sản họp tại Cửu Long (Hương Cảng, Trung Quốc) dưới sự chủ trì của Nguyễn Ái Quốc, thông qua Chánh cương vắn tắt, Sách lược vắn tắt, Chương trình tóm tắt và Điều lệ vắn tắt của Đảng.
- Nội dung: xác định phương hướng chiến lược là làm tư sản dân quyền cách mạng và thổ địa cách mạng để đi tới xã hội cộng sản; nhiệm vụ đánh đổ đế quốc chủ nghĩa Pháp và bọn phong kiến, làm cho nước Nam hoàn toàn độc lập.
- Lực lượng cách mạng: công nhân và nông dân là gốc của cách mạng; đồng thời phải hết sức liên lạc với tiểu tư sản, trí thức, trung nông để kéo họ về phía giai cấp vô sản; đối với phú nông, trung, tiểu địa chủ và tư bản An Nam chưa rõ mặt phản cách mạng thì phải lợi dụng, ít lâu mới làm cho họ đứng trung lập.
- Lãnh đạo: giai cấp vô sản là lực lượng lãnh đạo cách mạng Việt Nam thông qua đội tiên phong là Đảng Cộng sản. Cách mạng Việt Nam là một bộ phận của cách mạng thế giới, phải liên kết với các dân tộc bị áp bức và giai cấp vô sản thế giới.
- Ý nghĩa: Cương lĩnh đầu tiên tuy vắn tắt nhưng đã phản ánh đúng những vấn đề cơ bản của cách mạng Việt Nam, kết hợp đúng đắn vấn đề dân tộc và vấn đề giai cấp; độc lập dân tộc gắn liền với chủ nghĩa xã hội là tư tưởng cốt lõi.
Câu 2: Phong trào cách mạng 1930-1931 và ý nghĩa lịch sử
- Nguyên nhân: cuộc khủng hoảng kinh tế thế giới 1929-1933 tác động mạnh đến Việt Nam; thực dân Pháp tăng cường khủng bố trắng sau khởi nghĩa Yên Bái; đời sống nhân dân cực khổ; Đảng ra đời kịp thời lãnh đạo phong trào.
- Diễn biến: phong trào nổ ra mạnh mẽ từ tháng 5/1930 trên phạm vi cả nước với nhiều hình thức đấu tranh như bãi công, mít tinh, biểu tình; đỉnh cao là Xô viết Nghệ - Tĩnh với việc thành lập chính quyền cách mạng ở nhiều làng xã.
- Ý nghĩa: khẳng định đường lối đúng đắn và quyền lãnh đạo của Đảng; hình thành khối liên minh công nông; là cuộc tổng diễn tập đầu tiên chuẩn bị cho Cách mạng Tháng Tám 1945.
3
Câu 3: Nội dung Luận cương chính trị tháng 10/1930 của Trần Phú
- Tháng 10/1930, Hội nghị Ban Chấp hành Trung ương lần thứ nhất họp tại Hương Cảng, quyết định đổi tên Đảng thành Đảng Cộng sản Đông Dương, thông qua Luận cương chính trị do Trần Phú soạn thảo và bầu Trần Phú làm Tổng Bí thư.
- Luận cương xác định cách mạng Đông Dương lúc đầu là cách mạng tư sản dân quyền, có tính chất thổ địa và phản đế, sau đó bỏ qua thời kỳ tư bổn mà tranh đấu thẳng lên con đường xã hội chủ nghĩa.
- Hạn chế: chưa nêu được mâu thuẫn chủ yếu giữa dân tộc Việt Nam với đế quốc Pháp, nặng về đấu tranh giai cấp và cách mạng ruộng đất; đánh giá không đúng khả năng cách mạng của tiểu tư sản, tư sản dân tộc, trung và tiểu địa chủ.
Câu 4: Chủ trương chuyển hướng chỉ đạo chiến lược của Đảng giai đoạn 1939-1945
- Hội nghị Trung ương 6 (11/1939), 7 (11/1940) và 8 (5/1941) đã hoàn chỉnh chủ trương chuyển hướng: đặt nhiệm vụ giải phóng dân tộc lên hàng đầu, tạm gác khẩu hiệu cách mạng ruộng đất, chỉ tịch thu ruộng đất của đế quốc và Việt gian chia cho dân cày nghèo.
- Thành lập Mặt trận Việt Minh để đoàn kết mọi lực lượng; giải quyết vấn đề dân tộc trong khuôn khổ từng nước Đông Dương; xúc tiến chuẩn bị khởi nghĩa vũ trang, coi đó là nhiệm vụ trung tâm của toàn Đảng, toàn dân.
- Ý nghĩa: giương cao ngọn cờ giải phóng dân tộc, tập hợp rộng rãi các tầng lớp nhân dân, là sự chuẩn bị về chính trị, tư tưởng và tổ chức cho thắng lợi của Tổng khởi nghĩa tháng Tám năm 1945.
Câu 5: Nguyên nhân thắng lợi và bài học kinh nghiệm của Cách mạng Tháng Tám
- Nguyên nhân khách quan: Hồng quân Liên Xô và quân Đồng minh đánh bại phát xít Nhật, tạo thời cơ thuận lợi cho nhân dân ta đứng lên giành chính quyền.
- Nguyên nhân chủ quan: dân tộc ta có truyền thống yêu nước, đấu tranh kiên cường; có sự lãnh đạo đúng đắn, sáng tạo của Đảng do Chủ tịch Hồ Chí Minh đứng đầu; sự chuẩn bị chu đáo qua ba cao trào cách mạng.
- Bài học: giương cao ngọn cờ độc lập dân tộc, kết hợp đúng đắn hai nhiệm vụ chống đế quốc và chống phong kiến; toàn dân nổi dậy trên nền tảng khối liên minh công nông; lợi dụng mâu thuẫn trong hàng ngũ kẻ thù; kiên quyết dùng bạo lực cách mạng và nắm vững nghệ thuật khởi nghĩa, chọn đúng thời cơ.
Câu 1: Trình bày hoàn cảnh ra đời và nội dung cơ bản của Cương lĩnh chính trị đầu tiên của Đảng (2/1930). Ý nghĩa lịch sử?
- Hoàn cảnh: cuối năm 1929 ở Việt Nam đã xuất hiện ba tổ chức cộng sản hoạt động riêng rẽ, tranh giành ảnh hưởng, gây chia rẽ trong phong trào cách mạng. Yêu cầu cấp bách là phải hợp nhất thành một đảng duy nhất.
- Từ ngày 6/1 đến 7/2/1930, Hội nghị hợp nhất các tổ chức cộng sản họp tại Cửu Long (Hương Cảng, Trung Quốc) dưới sự chủ trì của Nguyễn Ái Quốc, thông qua Chánh cương vắn tắt, Sách lược vắn tắt, Chương trình tóm tắt và Điều lệ vắn tắt của Đảng.
- Nội dung: xác định phương hướng chiến lược là làm tư sản dân quyền cách mạng và thổ địa cách mạng để đi tới xã hội cộng sản; nhiệm vụ đánh đổ đế quốc chủ nghĩa Pháp và bọn phong kiến, làm cho nước Nam hoàn toàn độc lập.
- Lực lượng cách mạng: công nhân và nông dân là gốc của cách mạng; đồng thời phải hết sức liên lạc với tiểu tư sản, trí thức, trung nông để kéo họ về phía giai cấp vô sản; đối với phú nông, trung, tiểu địa chủ và tư bản An Nam chưa rõ mặt phản cách mạng thì phải lợi dụng, ít lâu mới làm cho họ đứng trung lập.
- Lãnh đạo: giai cấp vô sản là lực lượng lãnh đạo cách mạng Việt Nam thông qua đội tiên phong là Đảng Cộng sản. Cách mạng Việt Nam là một bộ phận của cách mạng thế giới, phải liên kết với các dân tộc bị áp bức và giai cấp vô sản thế giới.
- Ý nghĩa: Cương lĩnh đầu tiên tuy vắn tắt nhưng đã phản ánh đúng những vấn đề cơ bản của cách mạng Việt Nam, kết hợp đúng đắn vấn đề dân tộc và vấn đề giai cấp; độc lập dân tộc gắn liền với chủ nghĩa xã hội là tư tưởng cốt lõi.
Câu 2: Phong trào cách mạng 1930-1931 và ý nghĩa lịch sử
- Nguyên nhân: cuộc khủng hoảng kinh tế thế giới 1929-1933 tác động mạnh đến Việt Nam; thực dân Pháp tăng cường khủng bố trắng sau khởi nghĩa Yên Bái; đời sống nhân dân cực khổ; Đảng ra đời kịp thời lãnh đạo phong trào.
- Diễn biến: phong trào nổ ra mạnh mẽ từ tháng 5/1930 trên phạm vi cả nước với nhiều hình thức đấu tranh như bãi công, mít tinh, biểu tình; đỉnh cao là Xô viết Nghệ - Tĩnh với việc thành lập chính quyền cách mạng ở nhiều làng xã.
- Ý nghĩa: khẳng định đường lối đúng đắn và quyền lãnh đạo của Đảng; hình thành khối liên minh công nông; là cuộc tổng diễn tập đầu tiên chuẩn bị cho Cách mạng Tháng Tám 1945.
Câu 3: Nội dung Luận cương chính trị tháng 10/1930 của Trần Phú
- Tháng 10/1930, Hội nghị Ban Chấp hành Trung ương lần thứ nhất họp tại Hương Cảng, quyết định đổi tên Đảng thành Đảng Cộng sản Đông Dương, thông qua Luận cương chính trị do Trần Phú soạn thảo và bầu Trần Phú làm Tổng Bí thư.
- Luận cương xác định cách mạng Đông Dương lúc đầu là cách mạng tư sản dân quyền, có tính chất thổ địa và phản đế, sau đó bỏ qua thời kỳ tư bổn mà tranh đấu thẳng lên con đường xã hội chủ nghĩa.
- Hạn chế: chưa nêu được mâu thuẫn chủ yếu giữa dân tộc Việt Nam với đế quốc Pháp, nặng về đấu tranh giai cấp và cách mạng ruộng đất; đánh giá không đúng khả năng cách mạng của tiểu tư sản, tư sản dân tộc, trung và tiểu địa chủ.
Câu 4: Chủ trương chuyển hướng chỉ đạo chiến lược của Đảng giai đoạn 1939-1945
- Hội nghị Trung ương 6 (11/1939), 7 (11/1940) và 8 (5/1941) đã hoàn chỉnh chủ trương chuyển hướng: đặt nhiệm vụ giải phóng dân tộc lên hàng đầu, tạm gác khẩu hiệu cách mạng ruộng đất, chỉ tịch thu ruộng đất của đế quốc và Việt gian chia cho dân cày nghèo.
- Thành lập Mặt trận Việt Minh để đoàn kết mọi lực lượng; giải quyết vấn đề dân tộc trong khuôn khổ từng nước Đông Dương; xúc tiến chuẩn bị khởi nghĩa vũ trang, coi đó là nhiệm vụ trung tâm của toàn Đảng, toàn dân.
- Ý nghĩa: giương cao ngọn cờ giải phóng dân tộc, tập hợp rộng rãi các tầng lớp nhân dân, là sự chuẩn bị về chính trị, tư tưởng và tổ chức cho thắng lợi của Tổng khởi nghĩa tháng Tám năm 1945.
Câu 5: Nguyên nhân thắng lợi và bài học kinh nghiệm của Cách mạng Tháng Tám
- Nguyên nhân khách quan: Hồng quân Liên Xô và quân Đồng minh đánh bại phát xít Nhật, tạo thời cơ thuận lợi cho nhân dân ta đứng lên giành chính quyền.
- Nguyên nhân chủ quan: dân tộc ta có truyền thống yêu nước, đấu tranh kiên cường; có sự lãnh đạo đúng đắn, sáng tạo của Đảng do Chủ tịch Hồ Chí Minh đứng đầu; sự chuẩn bị chu đáo qua ba cao trào cách mạng.
- Bài học: giương cao ngọn cờ độc lập dân tộc, kết hợp đúng đắn hai nhiệm vụ chống đế quốc và chống phong kiến; toàn dân nổi dậy trên nền tảng khối liên minh công nông; lợi dụng mâu thuẫn trong hàng ngũ kẻ thù; kiên quyết dùng bạo lực cách mạng và nắm vững nghệ thuật khởi nghĩa, chọn đúng thời cơ.
3
Câu 1: Trình bày hoàn cảnh ra đời và nội dung cơ bản của Cương lĩnh chính trị đầu tiên của Đảng (2/1930). Ý nghĩa lịch sử?
- Hoàn cảnh: cuối năm 1929 ở Việt Nam đã xuất hiện ba tổ chức cộng sản hoạt động riêng rẽ, tranh giành ảnh hưởng, gây chia rẽ trong phong trào cách mạng. Yêu cầu cấp bách là phải hợp nhất thành một đảng duy nhất.
- Từ ngày 6/1 đến 7/2/1930, Hội nghị hợp nhất các tổ chức cộng sản họp tại Cửu Long (Hương Cảng, Trung Quốc) dưới sự chủ trì của Nguyễn Ái Quốc, thông qua Chánh cương vắn tắt, Sách lược vắn tắt, Chương trình tóm tắt và Điều lệ vắn tắt của Đảng.
- Nội dung: xác định phương hướng chiến lược là làm tư sản dân quyền cách mạng và thổ địa cách mạng để đi tới xã hội cộng sản; nhiệm vụ đánh đổ đế quốc chủ nghĩa Pháp và bọn phong kiến, làm cho nước Nam hoàn toàn độc lập.
- Lực lượng cách mạng: công nhân và nông dân là gốc của cách mạng; đồng thời phải hết sức liên lạc với tiểu tư sản, trí thức, trung nông để kéo họ về phía giai cấp vô sản; đối với phú nông, trung, tiểu địa chủ và tư bản An Nam chưa rõ mặt phản cách mạng thì phải lợi dụng, ít lâu mới làm cho họ đứng trung lập.
- Lãnh đạo: giai cấp vô sản là lực lượng lãnh đạo cách mạng Việt Nam thông qua đội tiên phong là Đảng Cộng sản. Cách mạng Việt Nam là một bộ phận của cách mạng thế giới, phải liên kết với các dân tộc bị áp bức và giai cấp vô sản thế giới.
- Ý nghĩa: Cương lĩnh đầu tiên tuy vắn tắt nhưng đã phản ánh đúng những vấn đề cơ bản của cách mạng Việt Nam, kết hợp đúng đắn vấn đề dân tộc và vấn đề giai cấp; độc lập dân tộc gắn liền với chủ nghĩa xã hội là tư tưởng cốt lõi.
Câu 2: Phong trào cách mạng 1930-1931 và ý nghĩa lịch sử
- Nguyên nhân: cuộc khủng hoảng kinh tế thế giới 1929-1933 tác động mạnh đến Việt Nam; thực dân Pháp tăng cường khủng bố trắng sau khởi nghĩa Yên Bái; đời sống nhân dân cực khổ; Đảng ra đời kịp thời lãnh đạo phong trào.
- Diễn biến: phong trào nổ ra mạnh mẽ từ tháng 5/1930 trên phạm vi cả nước với nhiều hình thức đấu tranh như bãi công, mít tinh, biểu tình; đỉnh cao là Xô viết Nghệ - Tĩnh với việc thành lập chính quyền cách mạng ở nhiều làng xã.
- Ý nghĩa: khẳng định đường lối đúng đắn và quyền lãnh đạo của Đảng; hình thành khối liên minh công nông; là cuộc tổng diễn tập đầu tiên chuẩn bị cho Cách mạng Tháng Tám 1945.
Câu 3: Nội dung Luận cương chính trị tháng 10/1930 của Trần Phú
- Tháng 10/1930, Hội nghị Ban Chấp hành Trung ương lần thứ nhất họp tại Hương Cảng, quyết định đổi tên Đảng thành Đảng Cộng sản Đông Dương, thông qua Luận cương chính trị do Trần Phú soạn thảo và bầu Trần Phú làm Tổng Bí thư.
- Luận cương xác định cách mạng Đông Dương lúc đầu là cách mạng tư sản dân quyền, có tính chất thổ địa và phản đế, sau đó bỏ qua thời kỳ tư bổn mà tranh đấu thẳng lên con đường xã hội chủ nghĩa.
- Hạn chế: chưa nêu được mâu thuẫn chủ yếu giữa dân tộc Việt Nam với đế quốc Pháp, nặng về đấu tranh giai cấp và cách mạng ruộng đất; đánh giá không đúng khả năng cách mạng của tiểu tư sản, tư sản dân tộc, trung và tiểu địa chủ.
Câu 4: Chủ trương chuyển hướng chỉ đạo chiến lược của Đảng giai đoạn 1939-1945
- Hội nghị Trung ương 6 (11/1939), 7 (11/1940) và 8 (5/1941) đã hoàn chỉnh chủ trương chuyển hướng: đặt nhiệm vụ giải phóng dân tộc lên hàng đầu, tạm gác khẩu hiệu cách mạng ruộng đất, chỉ tịch thu ruộng đất của đế quốc và Việt gian chia cho dân cày nghèo.
- Thành lập Mặt trận Việt Minh để đoàn kết mọi lực lượng; giải quyết vấn đề dân tộc trong khuôn khổ từng nước Đông Dương; xúc tiến chuẩn bị khởi nghĩa vũ trang, coi đó là nhiệm vụ trung tâm của toàn Đảng, toàn dân.
- Ý nghĩa: giương cao ngọn cờ giải phóng dân tộc, tập hợp rộng rãi các tầng lớp nhân dân, là sự chuẩn bị về chính trị, tư tưởng và tổ chức cho thắng lợi của Tổng khởi nghĩa tháng Tám năm 1945.
